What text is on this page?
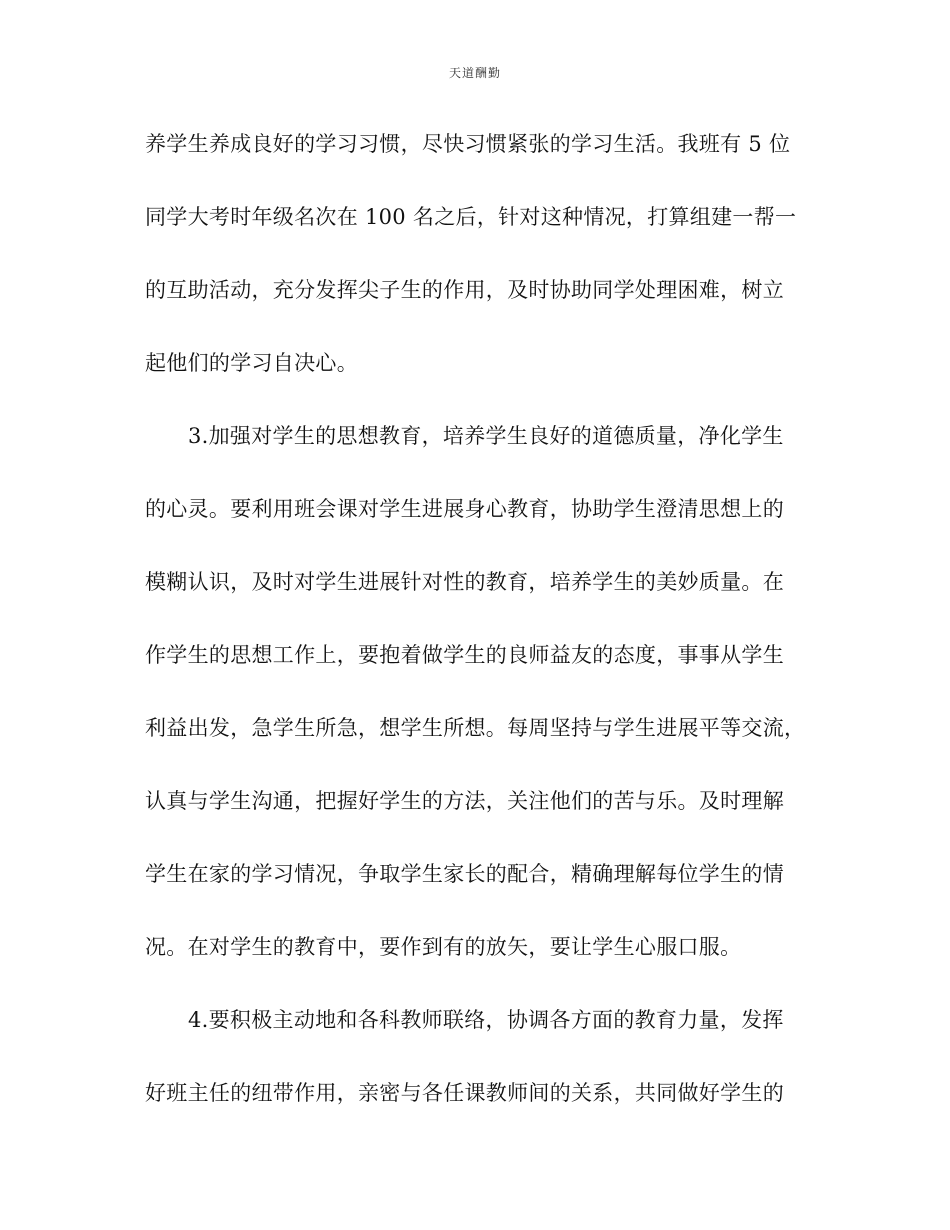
天道酬勤
养学生养成良好的学习习惯，尽快习惯紧张的学习生活。我班有 5 位
同学大考时年级名次在 100 名之后，针对这种情况，打算组建一帮一
的互助活动，充分发挥尖子生的作用，及时协助同学处理困难，树立
起他们的学习自决心。
3.加强对学生的思想教育，培养学生良好的道德质量，净化学生
的心灵。要利用班会课对学生进展身心教育，协助学生澄清思想上的
模糊认识，及时对学生进展针对性的教育，培养学生的美妙质量。在
作学生的思想工作上，要抱着做学生的良师益友的态度，事事从学生
利益出发，急学生所急，想学生所想。每周坚持与学生进展平等交流，
认真与学生沟通，把握好学生的方法，关注他们的苦与乐。及时理解
学生在家的学习情况，争取学生家长的配合，精确理解每位学生的情
况。在对学生的教育中，要作到有的放矢，要让学生心服口服。
4.要积极主动地和各科教师联络，协调各方面的教育力量，发挥
好班主任的纽带作用，亲密与各任课教师间的关系，共同做好学生的
